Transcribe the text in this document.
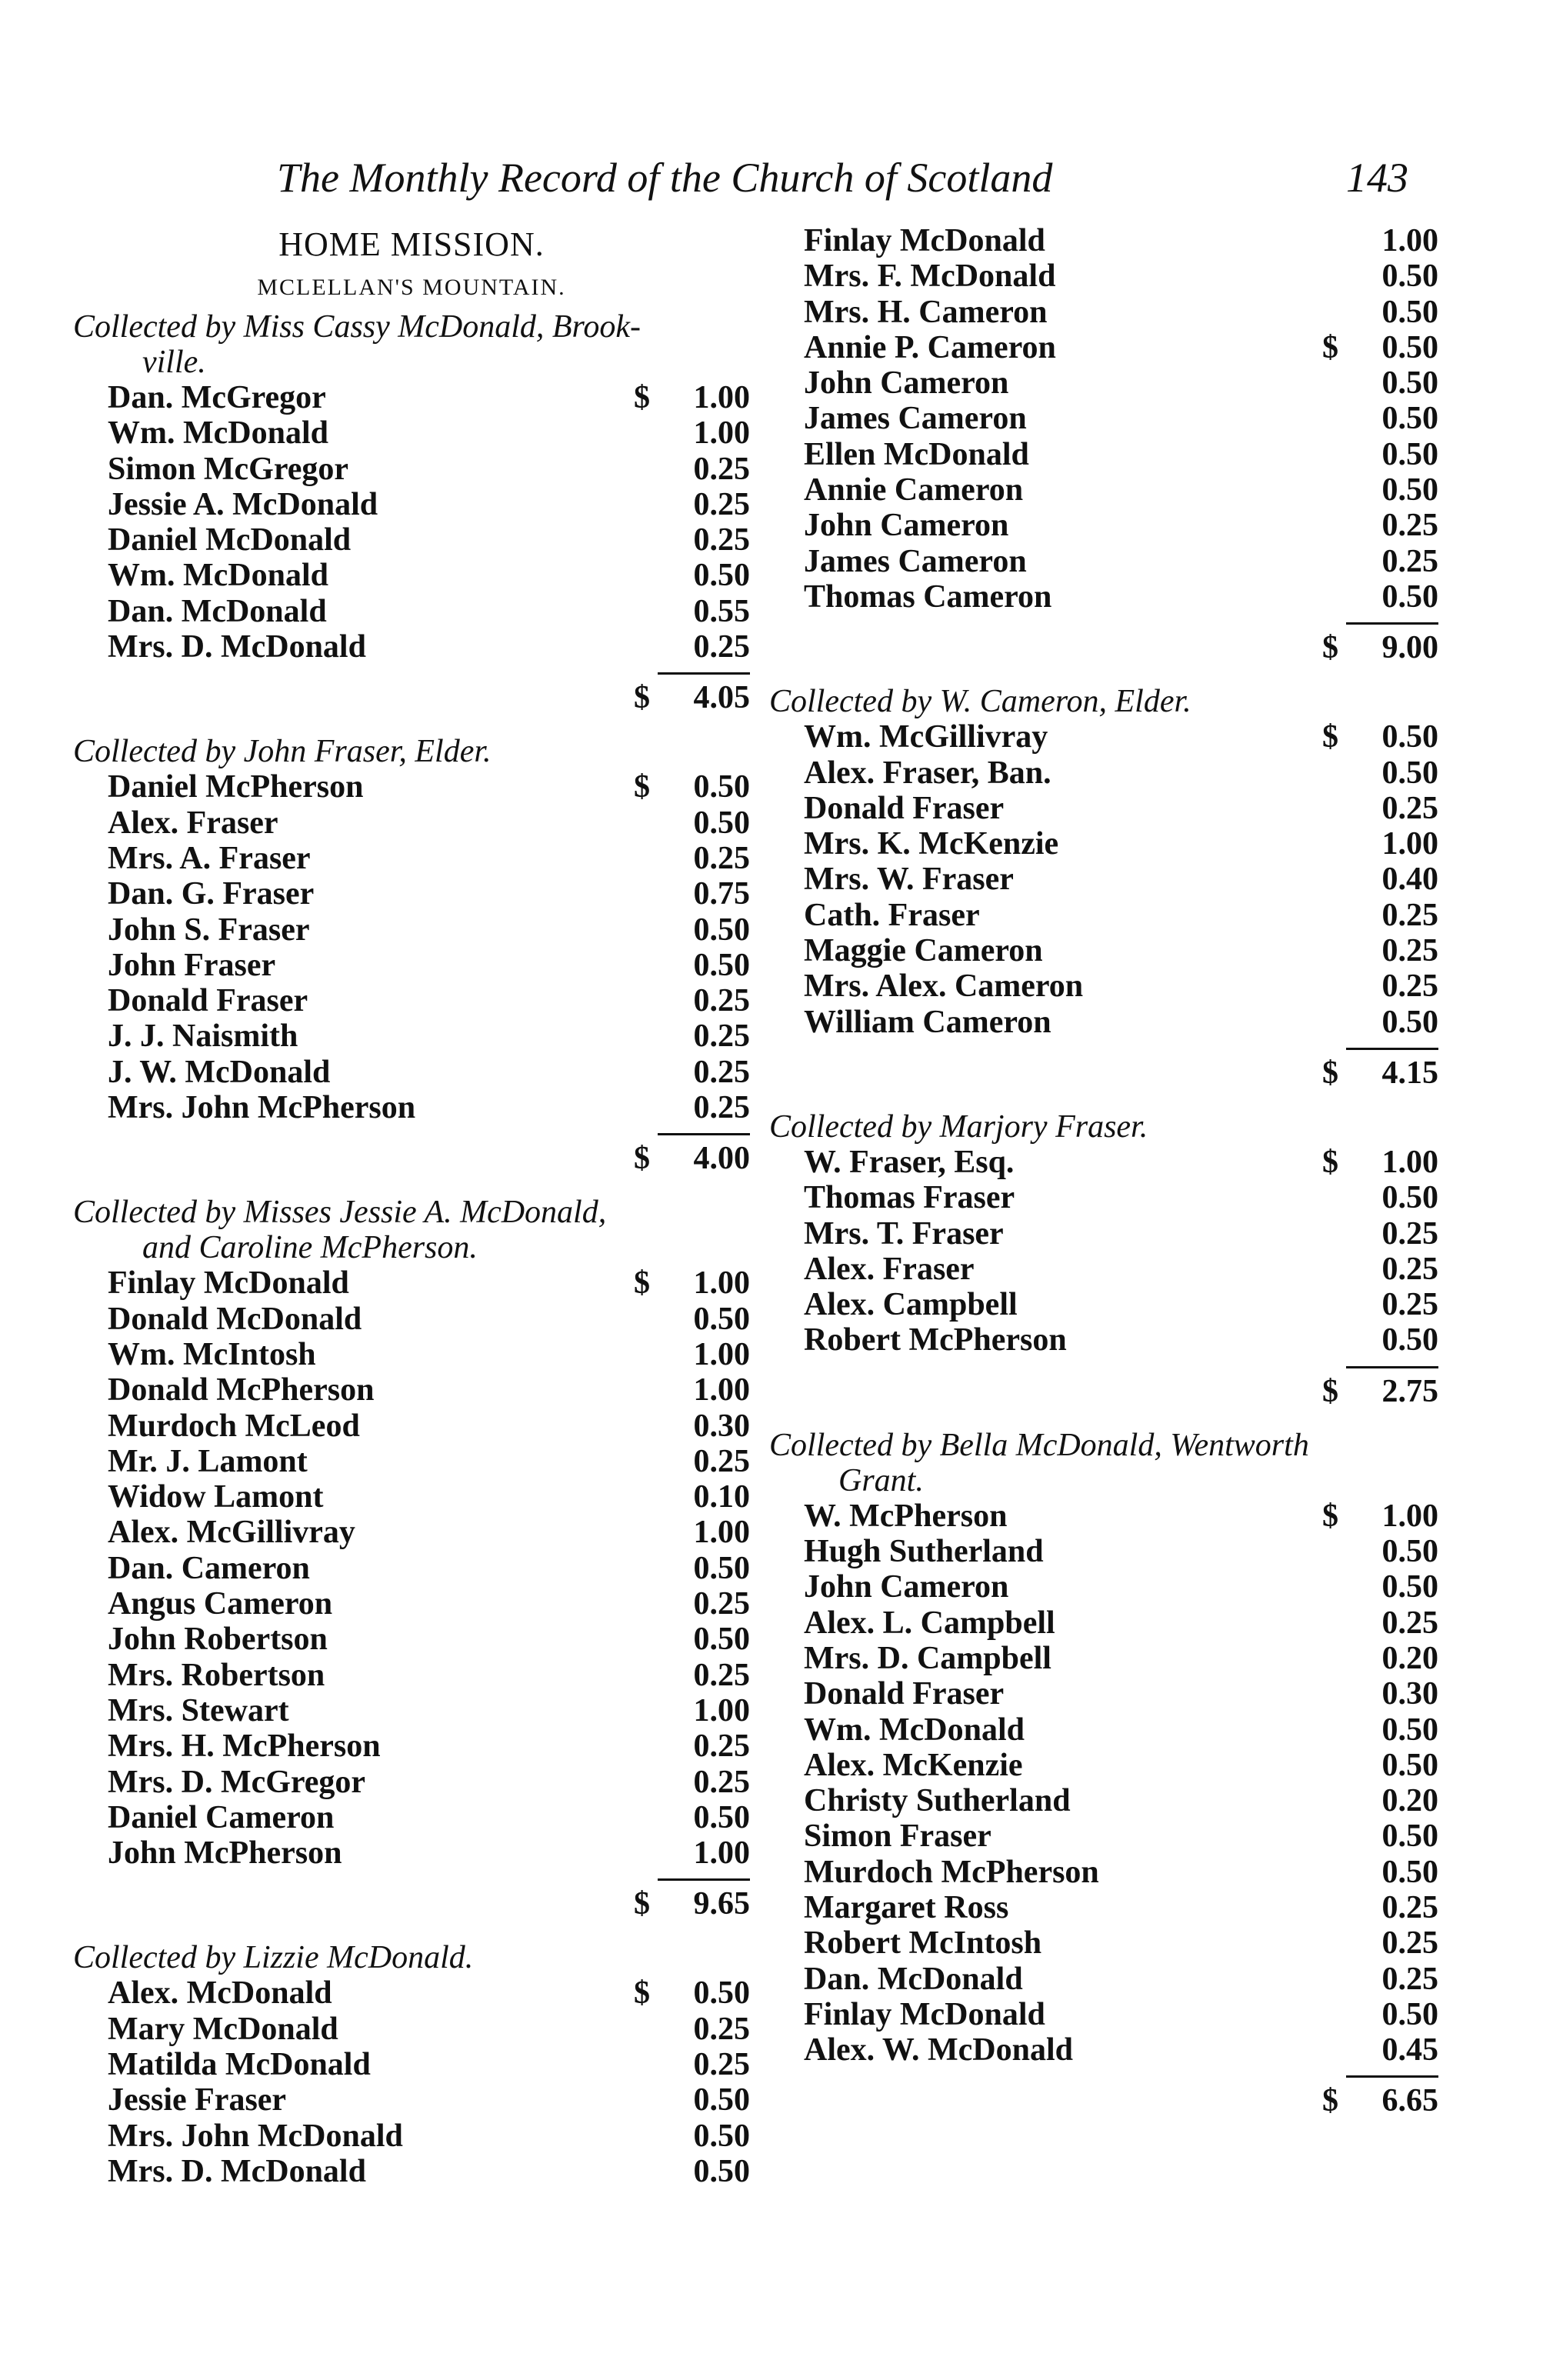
The Monthly Record of the Church of Scotland	143
HOME MISSION.
MCLELLAN'S MOUNTAIN.
Collected by Miss Cassy McDonald, Brook-
ville.
Dan. McGregor	$	1.00
Wm. McDonald	1.00
Simon McGregor	0.25
Jessie A. McDonald	0.25
Daniel McDonald	0.25
Wm. McDonald	0.50
Dan. McDonald	0.55
Mrs. D. McDonald	0.25
$	4.05
Collected by John Fraser, Elder.
Daniel McPherson	$	0.50
Alex. Fraser	0.50
Mrs. A. Fraser	0.25
Dan. G. Fraser	0.75
John S. Fraser	0.50
John Fraser	0.50
Donald Fraser	0.25
J. J. Naismith	0.25
J. W. McDonald	0.25
Mrs. John McPherson	0.25
$	4.00
Collected by Misses Jessie A. McDonald,
and Caroline McPherson.
Finlay McDonald	$	1.00
Donald McDonald	0.50
Wm. McIntosh	1.00
Donald McPherson	1.00
Murdoch McLeod	0.30
Mr. J. Lamont	0.25
Widow Lamont	0.10
Alex. McGillivray	1.00
Dan. Cameron	0.50
Angus Cameron	0.25
John Robertson	0.50
Mrs. Robertson	0.25
Mrs. Stewart	1.00
Mrs. H. McPherson	0.25
Mrs. D. McGregor	0.25
Daniel Cameron	0.50
John McPherson	1.00
$	9.65
Collected by Lizzie McDonald.
Alex. McDonald	$	0.50
Mary McDonald	0.25
Matilda McDonald	0.25
Jessie Fraser	0.50
Mrs. John McDonald	0.50
Mrs. D. McDonald	0.50
Finlay McDonald	1.00
Mrs. F. McDonald	0.50
Mrs. H. Cameron	0.50
Annie P. Cameron	$	0.50
John Cameron	0.50
James Cameron	0.50
Ellen McDonald	0.50
Annie Cameron	0.50
John Cameron	0.25
James Cameron	0.25
Thomas Cameron	0.50
$	9.00
Collected by W. Cameron, Elder.
Wm. McGillivray	$	0.50
Alex. Fraser, Ban.	0.50
Donald Fraser	0.25
Mrs. K. McKenzie	1.00
Mrs. W. Fraser	0.40
Cath. Fraser	0.25
Maggie Cameron	0.25
Mrs. Alex. Cameron	0.25
William Cameron	0.50
$	4.15
Collected by Marjory Fraser.
W. Fraser, Esq.	$	1.00
Thomas Fraser	0.50
Mrs. T. Fraser	0.25
Alex. Fraser	0.25
Alex. Campbell	0.25
Robert McPherson	0.50
$	2.75
Collected by Bella McDonald, Wentworth
Grant.
W. McPherson	$	1.00
Hugh Sutherland	0.50
John Cameron	0.50
Alex. L. Campbell	0.25
Mrs. D. Campbell	0.20
Donald Fraser	0.30
Wm. McDonald	0.50
Alex. McKenzie	0.50
Christy Sutherland	0.20
Simon Fraser	0.50
Murdoch McPherson	0.50
Margaret Ross	0.25
Robert McIntosh	0.25
Dan. McDonald	0.25
Finlay McDonald	0.50
Alex. W. McDonald	0.45
$	6.65
